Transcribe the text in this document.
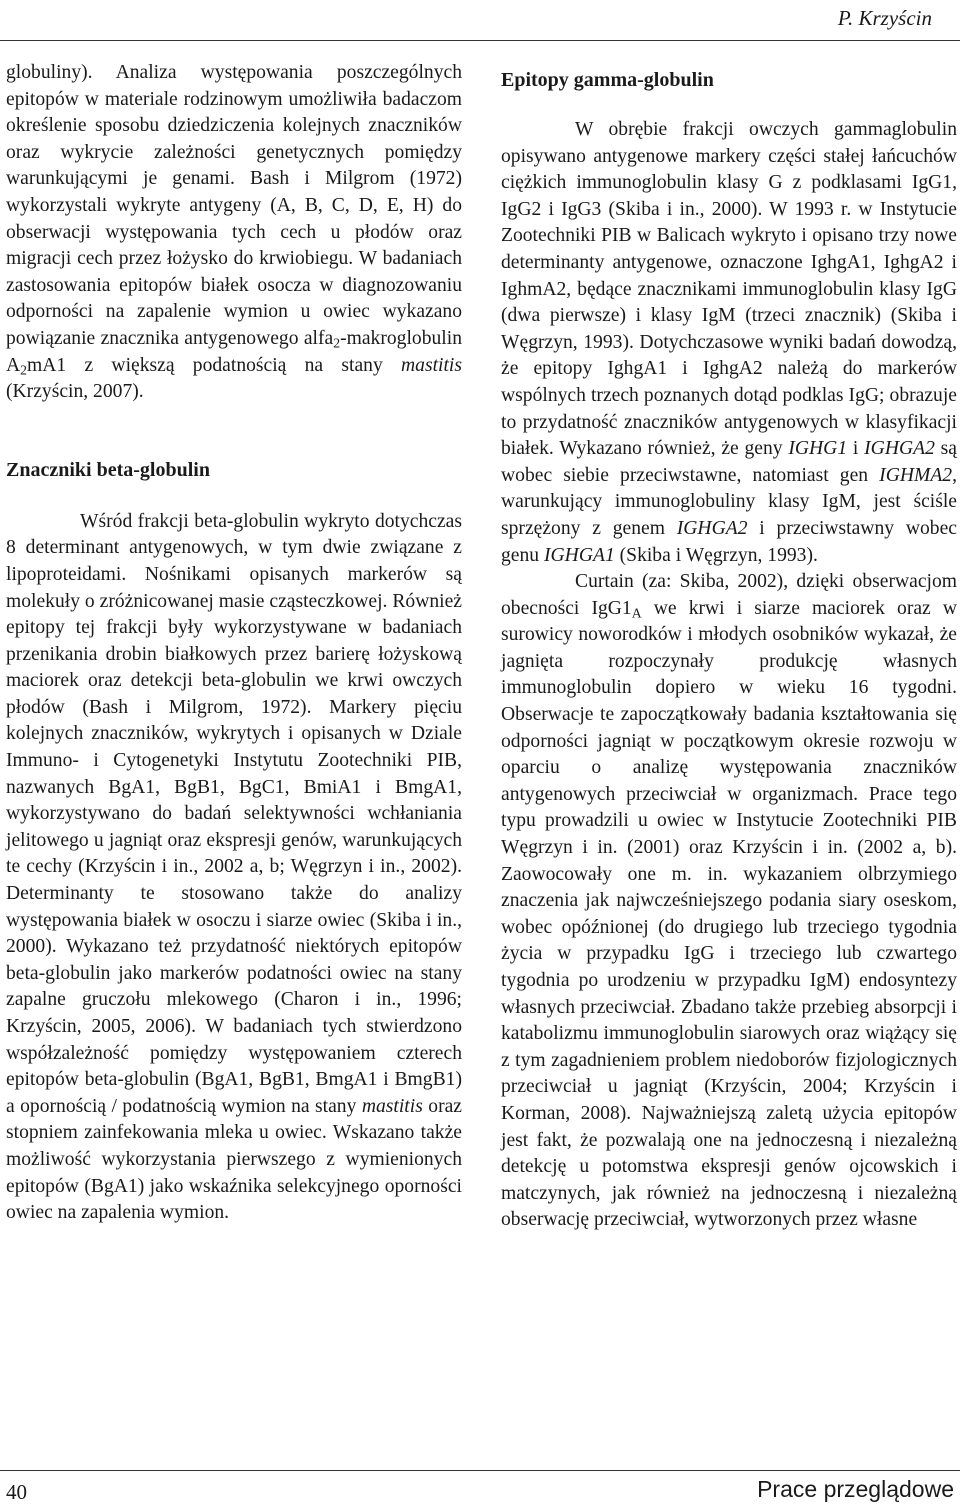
P. Krzyścin

globuliny). Analiza występowania poszczególnych epitopów w materiale rodzinowym umożliwiła badaczom określenie sposobu dziedziczenia kolejnych znaczników oraz wykrycie zależności genetycznych pomiędzy warunkującymi je genami. Bash i Milgrom (1972) wykorzystali wykryte antygeny (A, B, C, D, E, H) do obserwacji występowania tych cech u płodów oraz migracji cech przez łożysko do krwiobiegu. W badaniach zastosowania epitopów białek osocza w diagnozowaniu odporności na zapalenie wymion u owiec wykazano powiązanie znacznika antygenowego alfa$_2$-makroglobulin $A_2mA1$ z większą podatnością na stany mastitis (Krzyścin, 2007).

Znaczniki beta-globulin

Wśród frakcji beta-globulin wykryto dotychczas 8 determinant antygenowych, w tym dwie związane z lipoproteidami. Nośnikami opisanych markerów są molekuły o zróżnicowanej masie cząsteczkowej. Również epitopy tej frakcji były wykorzystywane w badaniach przenikania drobin białkowych przez barierę łożyskową maciorek oraz detekcji beta-globulin we krwi owczych płodów (Bash i Milgrom, 1972). Markery pięciu kolejnych znaczników, wykrytych i opisanych w Dziale Immuno- i Cytogenetyki Instytutu Zootechniki PIB, nazwanych BgA1, BgB1, BgC1, BmiA1 i BmgA1, wykorzystywano do badań selektywności wchłaniania jelitowego u jagniąt oraz ekspresji genów, warunkujących te cechy (Krzyścin i in., 2002 a, b; Węgrzyn i in., 2002). Determinanty te stosowano także do analizy występowania białek w osoczu i siarze owiec (Skiba i in., 2000). Wykazano też przydatność niektórych epitopów beta-globulin jako markerów podatności owiec na stany zapalne gruczołu mlekowego (Charon i in., 1996; Krzyścin, 2005, 2006). W badaniach tych stwierdzono współzależność pomiędzy występowaniem czterech epitopów beta-globulin (BgA1, BgB1, BmgA1 i BmgB1) a opornością / podatnością wymion na stany mastitis oraz stopniem zainfekowania mleka u owiec. Wskazano także możliwość wykorzystania pierwszego z wymienionych epitopów (BgA1) jako wskaźnika selekcyjnego oporności owiec na zapalenia wymion.

Epitopy gamma-globulin

W obrębie frakcji owczych gammaglobulin opisywano antygenowe markery części stałej łańcuchów ciężkich immunoglobulin klasy G z podklasami IgG1, IgG2 i IgG3 (Skiba i in., 2000). W 1993 r. w Instytucie Zootechniki PIB w Balicach wykryto i opisano trzy nowe determinanty antygenowe, oznaczone IghgA1, IghgA2 i IghmA2, będące znacznikami immunoglobulin klasy IgG (dwa pierwsze) i klasy IgM (trzeci znacznik) (Skiba i Węgrzyn, 1993). Dotychczasowe wyniki badań dowodzą, że epitopy IghgA1 i IghgA2 należą do markerów wspólnych trzech poznanych dotąd podklas IgG; obrazuje to przydatność znaczników antygenowych w klasyfikacji białek. Wykazano również, że geny IGHG1 i IGHGA2 są wobec siebie przeciwstawne, natomiast gen IGHMA2, warunkujący immunoglobuliny klasy IgM, jest ściśle sprzężony z genem IGHGA2 i przeciwstawny wobec genu IGHGA1 (Skiba i Węgrzyn, 1993).

Curtain (za: Skiba, 2002), dzięki obserwacjom obecności $IgG1_A$ we krwi i siarze maciorek oraz w surowicy noworodków i młodych osobników wykazał, że jagnięta rozpoczynały produkcję własnych immunoglobulin dopiero w wieku 16 tygodni. Obserwacje te zapoczątkowały badania kształtowania się odporności jagniąt w początkowym okresie rozwoju w oparciu o analizę występowania znaczników antygenowych przeciwciał w organizmach. Prace tego typu prowadzili u owiec w Instytucie Zootechniki PIB Węgrzyn i in. (2001) oraz Krzyścin i in. (2002 a, b). Zaowocowały one m. in. wykazaniem olbrzymiego znaczenia jak najwcześniejszego podania siary oseskom, wobec opóźnionej (do drugiego lub trzeciego tygodnia życia w przypadku IgG i trzeciego lub czwartego tygodnia po urodzeniu w przypadku IgM) endosyntezy własnych przeciwciał. Zbadano także przebieg absorpcji i katabolizmu immunoglobulin siarowych oraz wiążący się z tym zagadnieniem problem niedoborów fizjologicznych przeciwciał u jagniąt (Krzyścin, 2004; Krzyścin i Korman, 2008). Najważniejszą zaletą użycia epitopów jest fakt, że pozwalają one na jednoczesną i niezależną detekcję u potomstwa ekspresji genów ojcowskich i matczynych, jak również na jednoczesną i niezależną obserwację przeciwciał, wytworzonych przez własne

40	Prace przeglądowe
